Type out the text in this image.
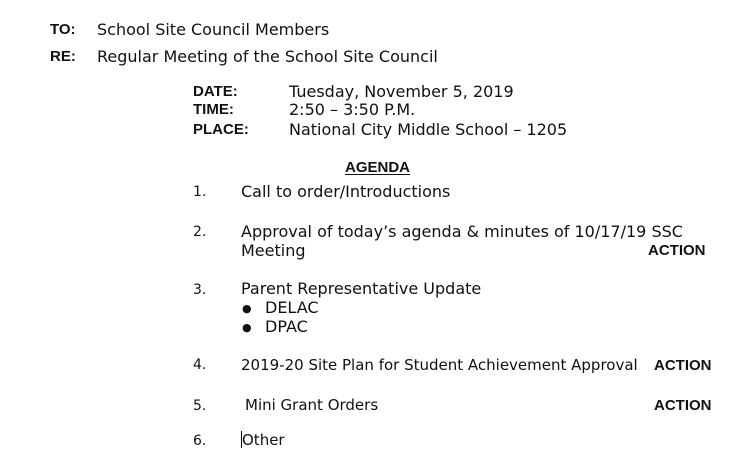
TO: School Site Council Members
RE: Regular Meeting of the School Site Council
DATE:	Tuesday, November 5, 2019
TIME:	2:50 – 3:50 P.M.
PLACE:	National City Middle School – 1205
AGENDA
1. Call to order/Introductions
2. Approval of today’s agenda & minutes of 10/17/19 SSC
Meeting	ACTION
3. Parent Representative Update
● DELAC
● DPAC
4. 2019-20 Site Plan for Student Achievement Approval ACTION
5.	Mini Grant Orders	ACTION
6. Other
